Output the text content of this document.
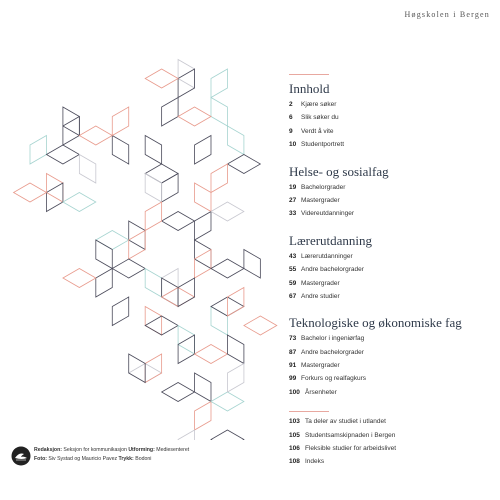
Høgskolen i Bergen
Innhold
2	Kjære søker
6	Slik søker du
9	Verdt å vite
10 Studentportrett
Helse- og sosialfag
19 Bachelorgrader
27 Mastergrader
33 Videreutdanninger
Lærerutdanning
43 Lærerutdanninger
55 Andre bachelorgrader
59 Mastergrader
67 Andre studier
Teknologiske og økonomiske fag
73 Bachelor i ingeniørfag
87 Andre bachelorgrader
91 Mastergrader
99 Forkurs og realfagkurs
100 Årsenheter
103 Ta deler av studiet i utlandet
105 Studentsamskipnaden i Bergen
106 Fleksible studier for arbeidslivet
108 Indeks
Redaksjon: Seksjon for kommunikasjon Utforming: Mediesenteret
Foto: Siv Systad og Mauricio Pavez Trykk: Bodoni
